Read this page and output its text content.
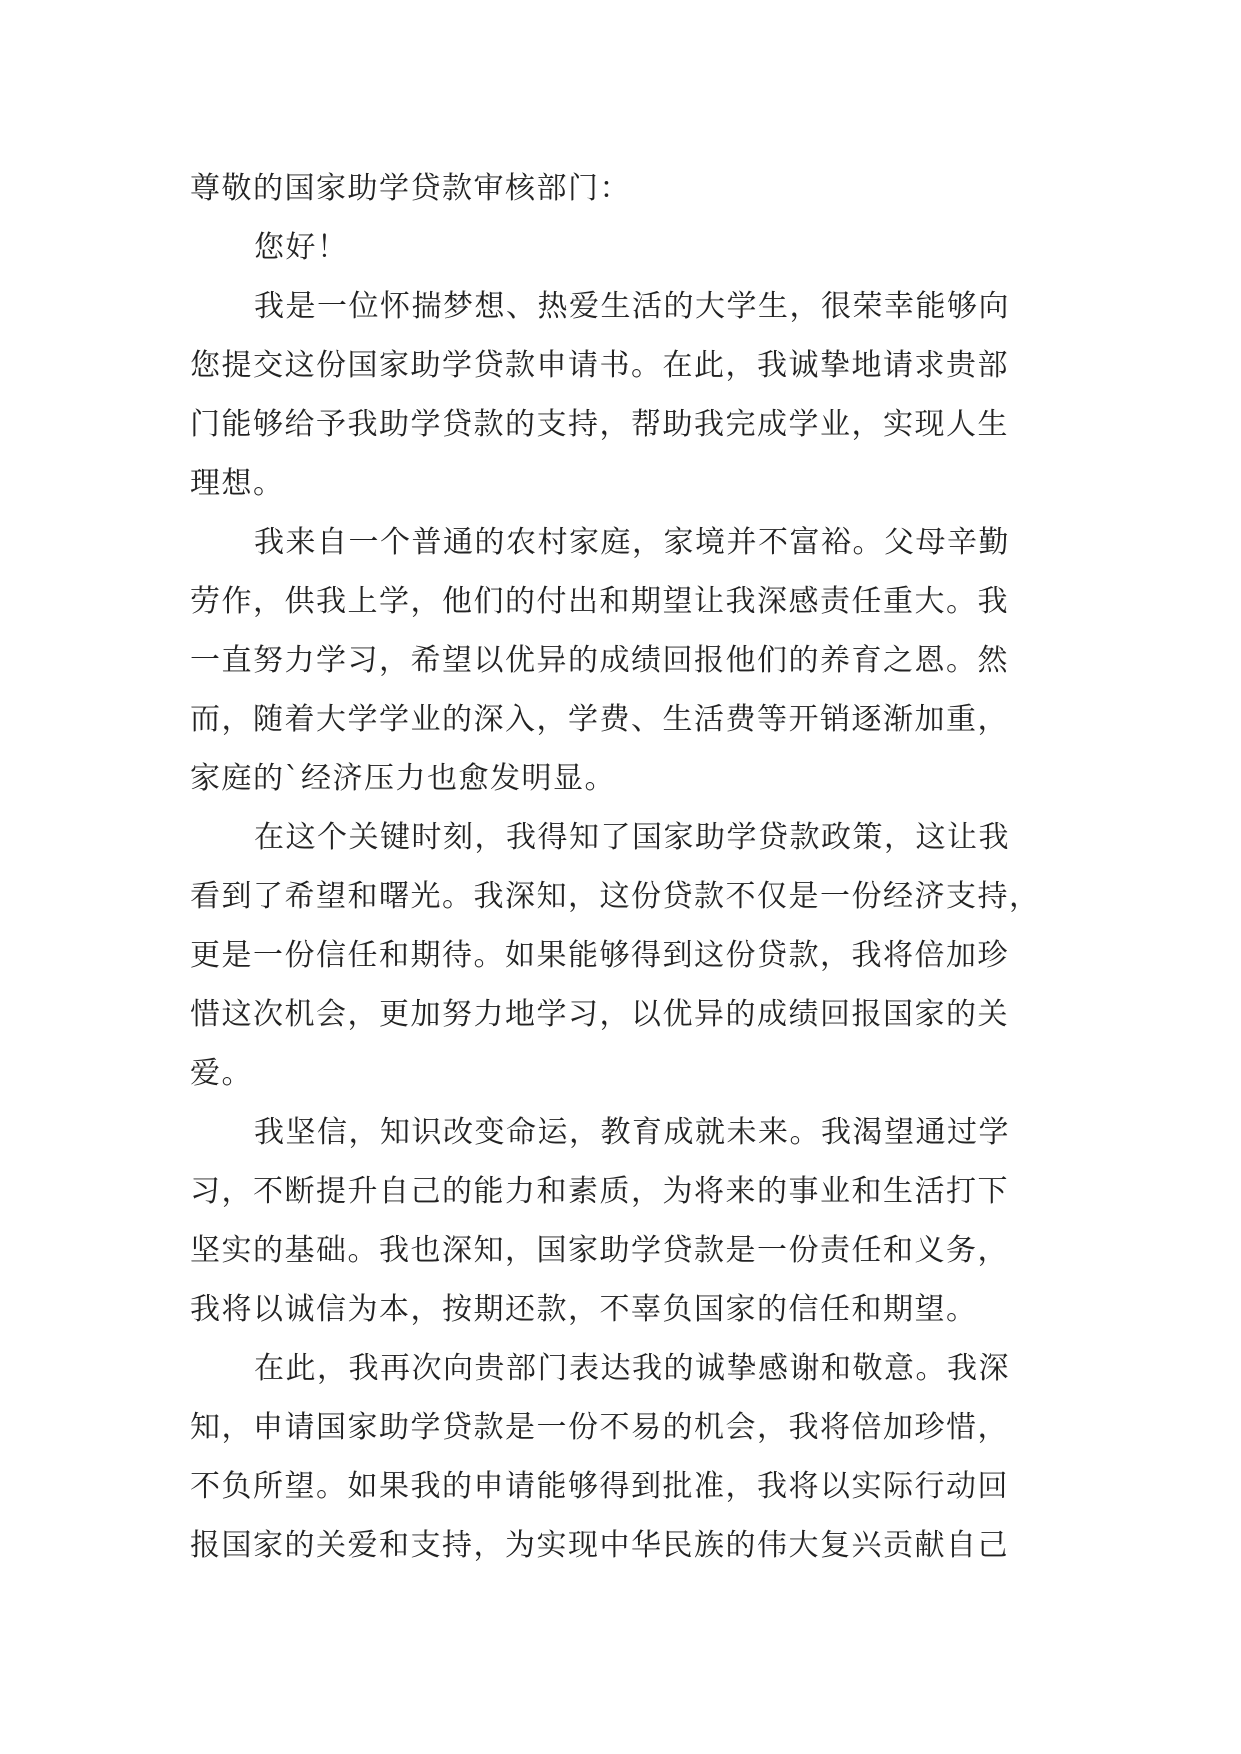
尊敬的国家助学贷款审核部门：
您好！
我是一位怀揣梦想、热爱生活的大学生，很荣幸能够向
您提交这份国家助学贷款申请书。在此，我诚挚地请求贵部
门能够给予我助学贷款的支持，帮助我完成学业，实现人生
理想。
我来自一个普通的农村家庭，家境并不富裕。父母辛勤
劳作，供我上学，他们的付出和期望让我深感责任重大。我
一直努力学习，希望以优异的成绩回报他们的养育之恩。然
而，随着大学学业的深入，学费、生活费等开销逐渐加重，
家庭的`经济压力也愈发明显。
在这个关键时刻，我得知了国家助学贷款政策，这让我
看到了希望和曙光。我深知，这份贷款不仅是一份经济支持，
更是一份信任和期待。如果能够得到这份贷款，我将倍加珍
惜这次机会，更加努力地学习，以优异的成绩回报国家的关
爱。
我坚信，知识改变命运，教育成就未来。我渴望通过学
习，不断提升自己的能力和素质，为将来的事业和生活打下
坚实的基础。我也深知，国家助学贷款是一份责任和义务，
我将以诚信为本，按期还款，不辜负国家的信任和期望。
在此，我再次向贵部门表达我的诚挚感谢和敬意。我深
知，申请国家助学贷款是一份不易的机会，我将倍加珍惜，
不负所望。如果我的申请能够得到批准，我将以实际行动回
报国家的关爱和支持，为实现中华民族的伟大复兴贡献自己
